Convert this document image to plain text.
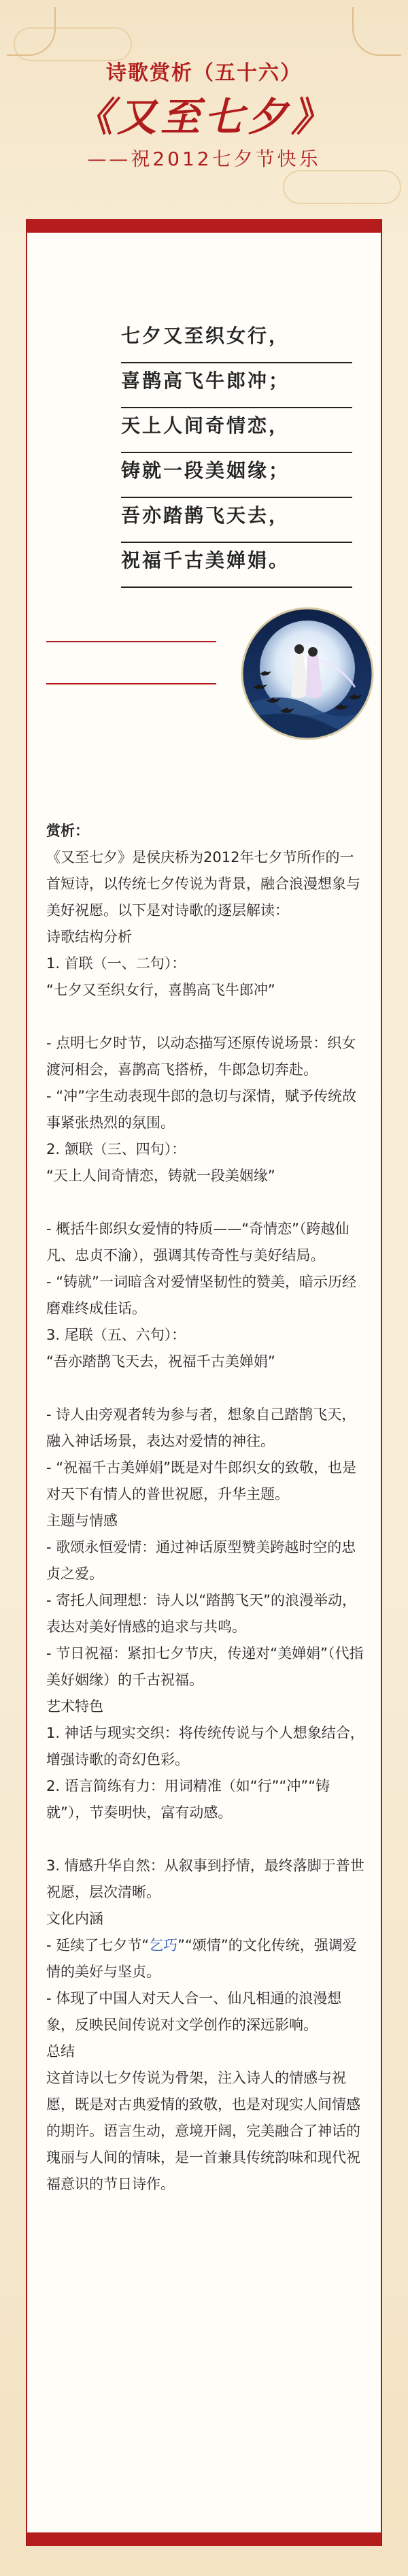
诗歌赏析（五十六）
《又至七夕》
——祝2012七夕节快乐
七夕又至织女行，
喜鹊高飞牛郎冲；
天上人间奇情恋，
铸就一段美姻缘；
吾亦踏鹊飞天去，
祝福千古美婵娟。

赏析：

《又至七夕》是侯庆桥为2012年七夕节所作的一首短诗，以传统七夕传说为背景，融合浪漫想象与美好祝愿。以下是对诗歌的逐层解读：

诗歌结构分析

1. 首联（一、二句）：

“七夕又至织女行，喜鹊高飞牛郎冲”

- 点明七夕时节，以动态描写还原传说场景：织女渡河相会，喜鹊高飞搭桥，牛郎急切奔赴。

- “冲”字生动表现牛郎的急切与深情，赋予传统故事紧张热烈的氛围。

2. 颔联（三、四句）：

“天上人间奇情恋，铸就一段美姻缘”

- 概括牛郎织女爱情的特质——“奇情恋”（跨越仙凡、忠贞不渝），强调其传奇性与美好结局。

- “铸就”一词暗含对爱情坚韧性的赞美，暗示历经磨难终成佳话。

3. 尾联（五、六句）：

“吾亦踏鹊飞天去，祝福千古美婵娟”

- 诗人由旁观者转为参与者，想象自己踏鹊飞天，融入神话场景，表达对爱情的神往。

- “祝福千古美婵娟”既是对牛郎织女的致敬，也是对天下有情人的普世祝愿，升华主题。

主题与情感

- 歌颂永恒爱情：通过神话原型赞美跨越时空的忠贞之爱。

- 寄托人间理想：诗人以“踏鹊飞天”的浪漫举动，表达对美好情感的追求与共鸣。

- 节日祝福：紧扣七夕节庆，传递对“美婵娟”（代指美好姻缘）的千古祝福。

艺术特色

1. 神话与现实交织：将传统传说与个人想象结合，增强诗歌的奇幻色彩。

2. 语言简练有力：用词精准（如“行”“冲”“铸就”），节奏明快，富有动感。

3. 情感升华自然：从叙事到抒情，最终落脚于普世祝愿，层次清晰。

文化内涵

- 延续了七夕节“乞巧”“颂情”的文化传统，强调爱情的美好与坚贞。

- 体现了中国人对天人合一、仙凡相通的浪漫想象，反映民间传说对文学创作的深远影响。

总结

这首诗以七夕传说为骨架，注入诗人的情感与祝愿，既是对古典爱情的致敬，也是对现实人间情感的期许。语言生动，意境开阔，完美融合了神话的瑰丽与人间的情味，是一首兼具传统韵味和现代祝福意识的节日诗作。
